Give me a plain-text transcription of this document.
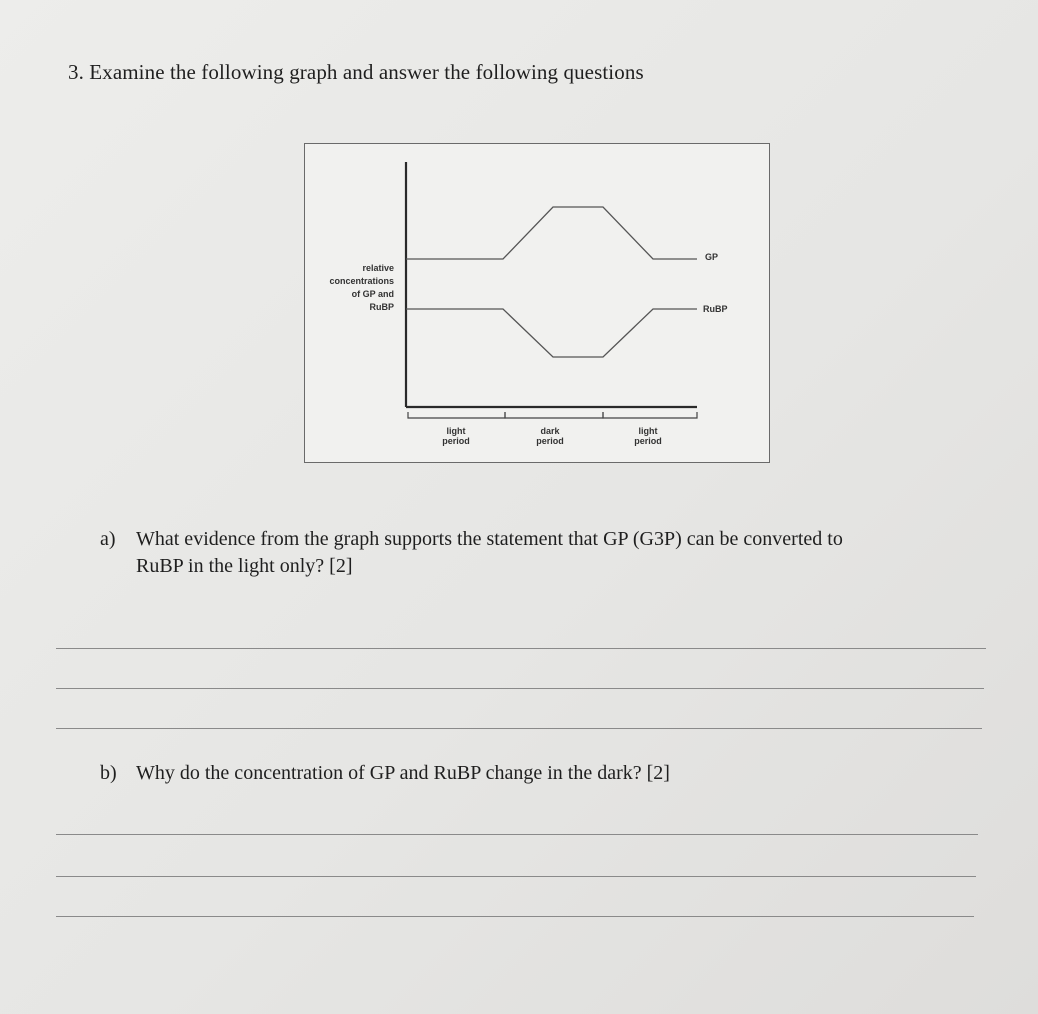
3. Examine the following graph and answer the following questions
relative
concentrations
of GP and
RuBP
light
period
dark
period
light
period
GP
RuBP
a) What evidence from the graph supports the statement that GP (G3P) can be converted to
RuBP in the light only? [2]
b) Why do the concentration of GP and RuBP change in the dark? [2]
